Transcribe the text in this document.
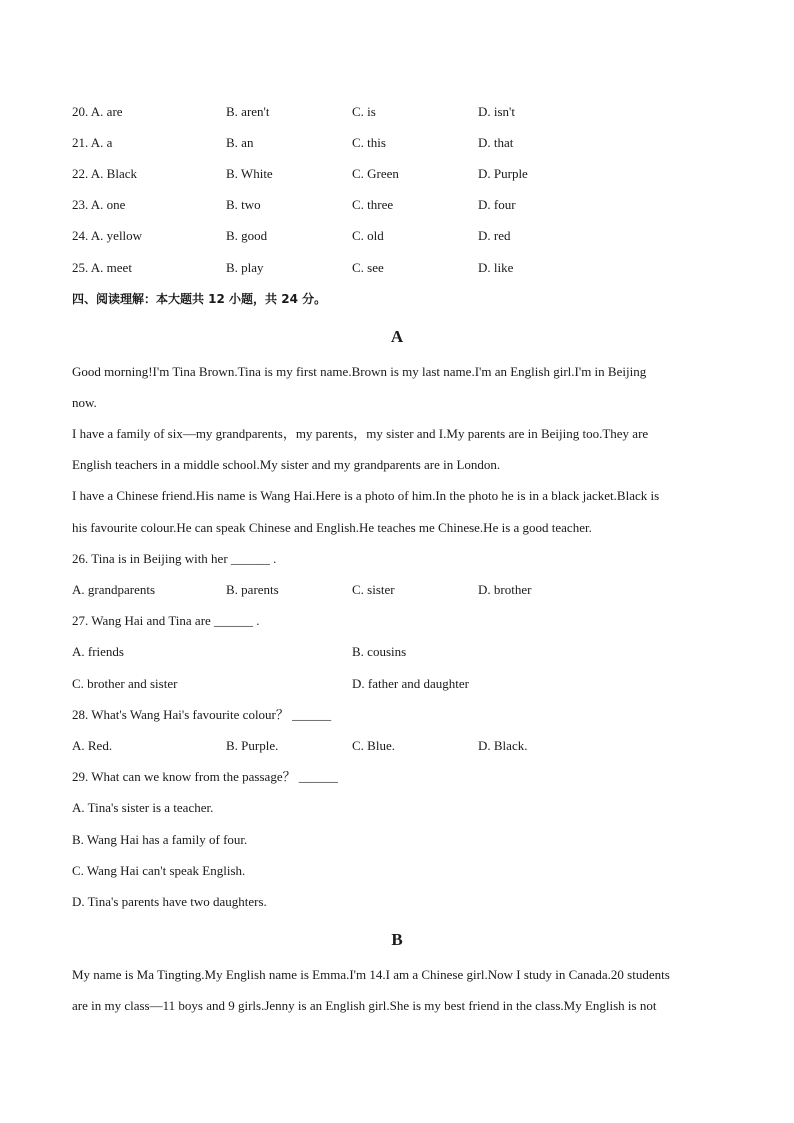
20. A. are	B. aren't	C. is	D. isn't
21. A. a	B. an	C. this	D. that
22. A. Black	B. White	C. Green	D. Purple
23. A. one	B. two	C. three	D. four
24. A. yellow	B. good	C. old	D. red
25. A. meet	B. play	C. see	D. like
四、阅读理解：本大题共 12 小题，共 24 分。
A
Good morning!I'm Tina Brown.Tina is my first name.Brown is my last name.I'm an English girl.I'm in Beijing
now.
I have a family of six—my grandparents，my parents，my sister and I.My parents are in Beijing too.They are
English teachers in a middle school.My sister and my grandparents are in London.
I have a Chinese friend.His name is Wang Hai.Here is a photo of him.In the photo he is in a black jacket.Black is
his favourite colour.He can speak Chinese and English.He teaches me Chinese.He is a good teacher.
26. Tina is in Beijing with her ______ .
A. grandparents	B. parents	C. sister	D. brother
27. Wang Hai and Tina are ______ .
A. friends	B. cousins
C. brother and sister	D. father and daughter
28. What's Wang Hai's favourite colour？ ______
A. Red.	B. Purple.	C. Blue.	D. Black.
29. What can we know from the passage？ ______
A. Tina's sister is a teacher.
B. Wang Hai has a family of four.
C. Wang Hai can't speak English.
D. Tina's parents have two daughters.
B
My name is Ma Tingting.My English name is Emma.I'm 14.I am a Chinese girl.Now I study in Canada.20 students
are in my class—11 boys and 9 girls.Jenny is an English girl.She is my best friend in the class.My English is not
